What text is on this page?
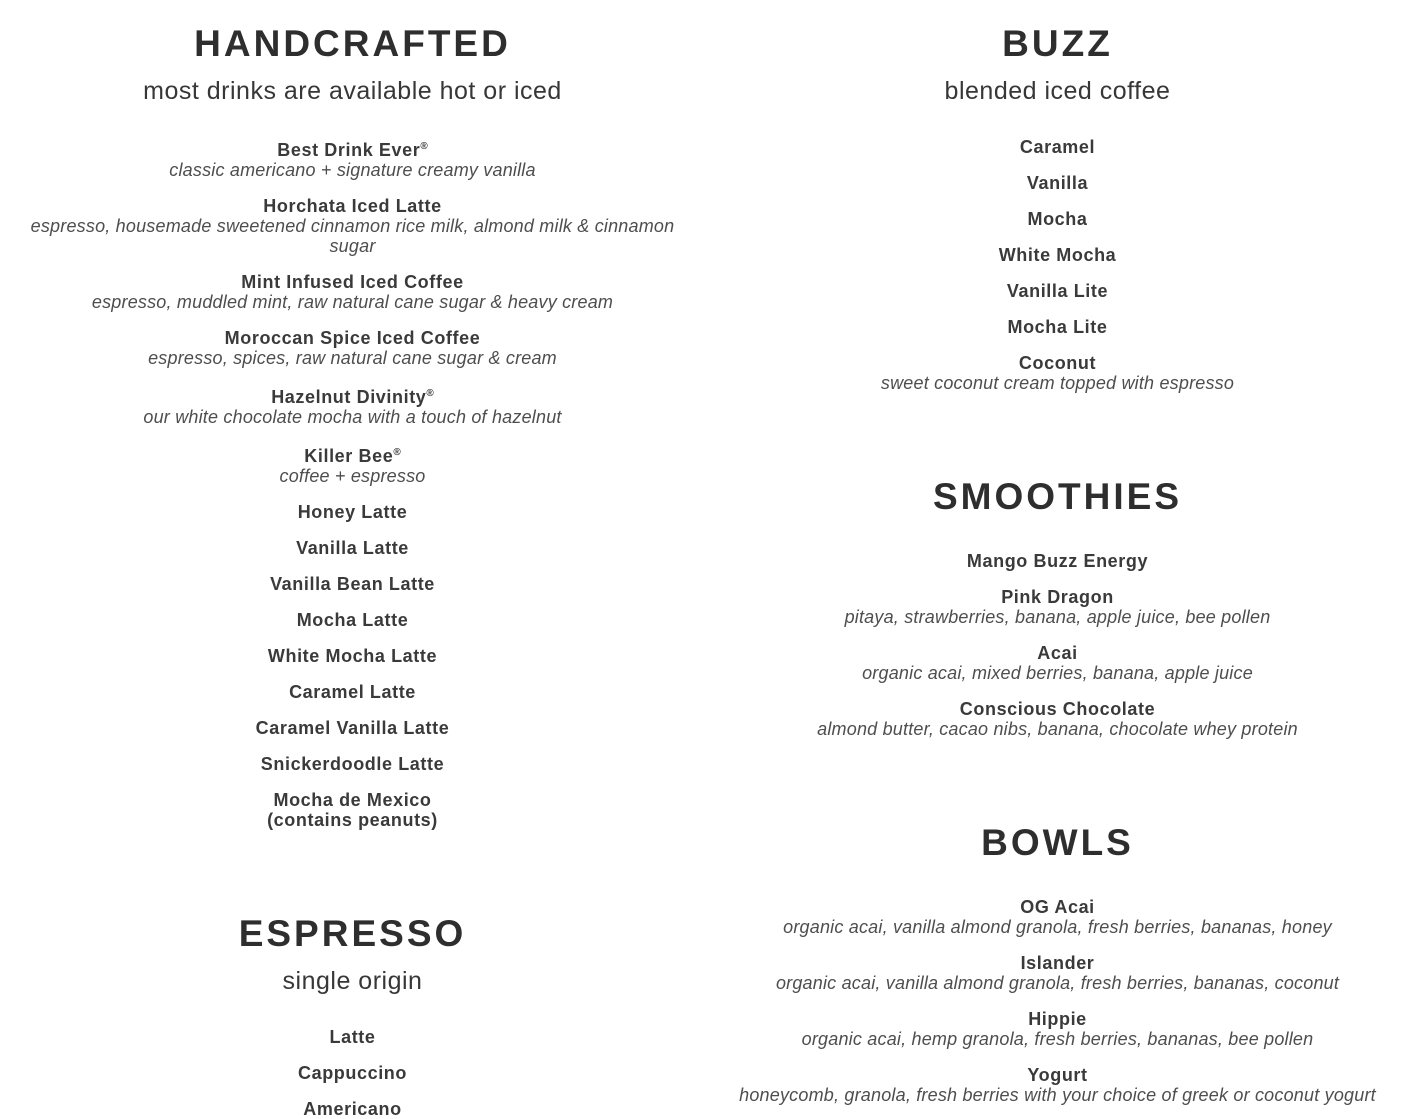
HANDCRAFTED

most drinks are available hot or iced

Best Drink Ever®
classic americano + signature creamy vanilla
Horchata Iced Latte
espresso, housemade sweetened cinnamon rice milk, almond milk & cinnamon
sugar
Mint Infused Iced Coffee
espresso, muddled mint, raw natural cane sugar & heavy cream
Moroccan Spice Iced Coffee
espresso, spices, raw natural cane sugar & cream
Hazelnut Divinity®
our white chocolate mocha with a touch of hazelnut
Killer Bee®
coffee + espresso
Honey Latte
Vanilla Latte
Vanilla Bean Latte
Mocha Latte
White Mocha Latte
Caramel Latte
Caramel Vanilla Latte
Snickerdoodle Latte
Mocha de Mexico
(contains peanuts)
ESPRESSO

single origin

Latte
Cappuccino
Americano
BUZZ

blended iced coffee

Caramel
Vanilla
Mocha
White Mocha
Vanilla Lite
Mocha Lite
Coconut
sweet coconut cream topped with espresso
SMOOTHIES
Mango Buzz Energy
Pink Dragon
pitaya, strawberries, banana, apple juice, bee pollen
Acai
organic acai, mixed berries, banana, apple juice
Conscious Chocolate
almond butter, cacao nibs, banana, chocolate whey protein
BOWLS
OG Acai
organic acai, vanilla almond granola, fresh berries, bananas, honey
Islander
organic acai, vanilla almond granola, fresh berries, bananas, coconut
Hippie
organic acai, hemp granola, fresh berries, bananas, bee pollen
Yogurt
honeycomb, granola, fresh berries with your choice of greek or coconut yogurt
